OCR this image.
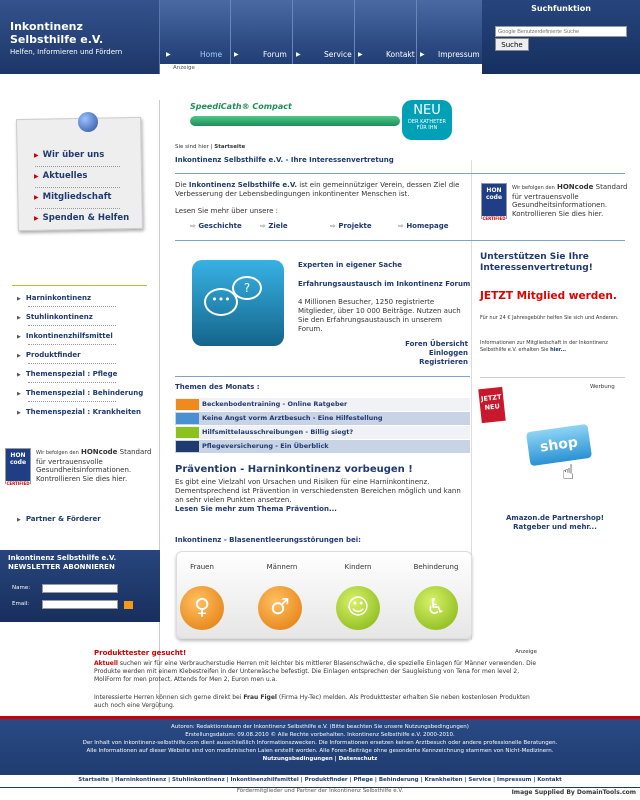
Inkontinenz Selbsthilfe e.V.
Helfen, Informieren und Fördern	▶	Home ▶	Forum ▶	Service ▶	Kontakt ▶ Impressum
Suchfunktion
Google Benutzerdefinierte Suche
Suche
Anzeige
▶ Wir über uns
▶ Aktuelles
▶ Mitgliedschaft
▶ Spenden & Helfen
▶ Harninkontinenz
▶ Stuhlinkontinenz
▶ Inkontinenzhilfsmittel
▶ Produktfinder
▶ Themenspezial : Pflege
▶ Themenspezial : Behinderung
▶ Themenspezial : Krankheiten
HON code
CERTIFIED
Wir befolgen den HONcode Standard für vertrauensvolle Gesundheitsinformationen. Kontrollieren Sie dies hier.
▶ Partner & Förderer
Inkontinenz Selbsthilfe e.V.
NEWSLETTER ABONNIEREN
Name:
Email:
SpeediCath® Compact	NEU
DER KATHETER FÜR IHN
Sie sind hier | Startseite
Inkontinenz Selbsthilfe e.V. - Ihre Interessenvertretung
Die Inkontinenz Selbsthilfe e.V. ist ein gemeinnütziger Verein, dessen Ziel die Verbesserung der Lebensbedingungen inkontinenter Menschen ist.
Lesen Sie mehr über unsere :
⇨ Geschichte	⇨ Ziele	⇨ Projekte	⇨ Homepage
•••
?
Experten in eigener Sache
Erfahrungsaustausch im Inkontinenz Forum
4 Millionen Besucher, 1250 registrierte Mitglieder, über 10 000 Beiträge. Nutzen auch Sie den Erfahrungsaustausch in unserem Forum.
Foren Übersicht
Einloggen
Registrieren
Themen des Monats :
Beckenbodentraining - Online Ratgeber
Keine Angst vorm Arztbesuch - Eine Hilfestellung
Hilfsmittelausschreibungen - Billig siegt?
Pflegeversicherung - Ein Überblick
Prävention - Harninkontinenz vorbeugen !
Es gibt eine Vielzahl von Ursachen und Risiken für eine Harninkontinenz. Dementsprechend ist Prävention in verschiedensten Bereichen möglich und kann an sehr vielen Punkten ansetzen.
Lesen Sie mehr zum Thema Prävention...
Inkontinenz - Blasenentleerungsstörungen bei:
Frauen	Männern	Kindern	Behinderung
♀	♂	☺	♿
HON code
CERTIFIED
Wir befolgen den HONcode Standard für vertrauensvolle Gesundheitsinformationen. Kontrollieren Sie dies hier.
Unterstützen Sie Ihre Interessenvertretung!
JETZT Mitglied werden.
Für nur 24 € Jahresgebühr helfen Sie sich und Anderen.
Informationen zur Mitgliedschaft in der Inkontinenz Selbsthilfe e.V. erhalten Sie hier...
Werbung
JETZT NEU
shop
☝
Amazon.de Partnershop!
Ratgeber und mehr...
Produkttester gesucht!	Anzeige
Aktuell suchen wir für eine Verbraucherstudie Herren mit leichter bis mittlerer Blasenschwäche, die spezielle Einlagen für Männer verwenden. Die Produkte werden mit einem Klebestreifen in der Unterwäsche befestigt. Die Einlagen entsprechen der Saugleistung von Tena for men level 2, MoliForm for men protect, Attends for Men 2, Euron men u.a.
Interessierte Herren können sich gerne direkt bei Frau Figel (Firma Hy-Tec) melden. Als Produkttester erhalten Sie neben kostenlosen Produkten auch noch eine Vergütung.
Autoren: Redaktionsteam der Inkontinenz Selbsthilfe e.V. (Bitte beachten Sie unsere Nutzungsbedingungen)
Erstellungsdatum: 09.08.2010 © Alle Rechte vorbehalten. Inkontinenz Selbsthilfe e.V. 2000-2010.
Der Inhalt von inkontinenz-selbsthilfe.com dient ausschließlich Informationszwecken. Die Informationen ersetzen keinen Arztbesuch oder andere professionelle Beratungen.
Alle Informationen auf dieser Website sind von medizinischen Laien erstellt worden. Alle Foren-Beiträge ohne gesonderte Kennzeichnung stammen von Nicht-Medizinern.
Nutzungsbedingungen | Datenschutz
Startseite | Harninkontinenz | Stuhlinkontinenz | Inkontinenzhilfsmittel | Produktfinder | Pflege | Behinderung | Krankheiten | Service | Impressum | Kontakt
Fördermitglieder und Partner der Inkontinenz Selbsthilfe e.V.	Image Supplied By DomainTools.com
